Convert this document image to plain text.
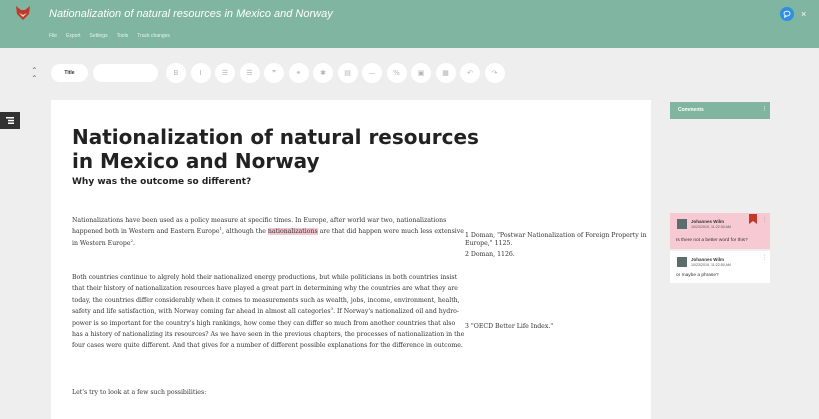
Nationalization of natural resources in Mexico and Norway
File Export Settings Tools Track changes
×
⌃
⌃
Title	B	I	☰	☰	❞	⚭	✱	▤	—	%	▣	▦	↶	↷
Nationalization of natural resources in Mexico and Norway
Why was the outcome so different?
Nationalizations have been used as a policy measure at specific times. In Europe, after world war two, nationalizations happened both in Western and Eastern Europe$^1$, although the nationalizations are that did happen were much less extensive in Western Europe$^2$.
Both countries continue to algrely hold their nationalized energy productions, but while politicians in both countries insist that their history of nationalization resources have played a great part in determining why the countries are what they are today, the countries differ considerably when it comes to measurements such as wealth, jobs, income, environment, health, safety and life satisfaction, with Norway coming far ahead in almost all categories$^3$. If Norway's nationalized oil and hydro-power is so important for the country's high rankings, how come they can differ so much from another countries that also has a history of nationalizing its resources? As we have seen in the previous chapters, the processes of nationalization in the four cases were quite different. And that gives for a number of different possible explanations for the difference in outcome.
Let's try to look at a few such possibilities:
1 Doman, "Postwar Nationalization of Foreign Property in Europe," 1125.
2 Doman, 1126.
3 "OECD Better Life Index."
Comments	⋮
Johannes Wilm
10/23/2019, 11:22:30 AM
⋮
Is there not a better word for this?
Johannes Wilm
10/23/2019, 11:22:50 AM
⋮
or maybe a phrase?
